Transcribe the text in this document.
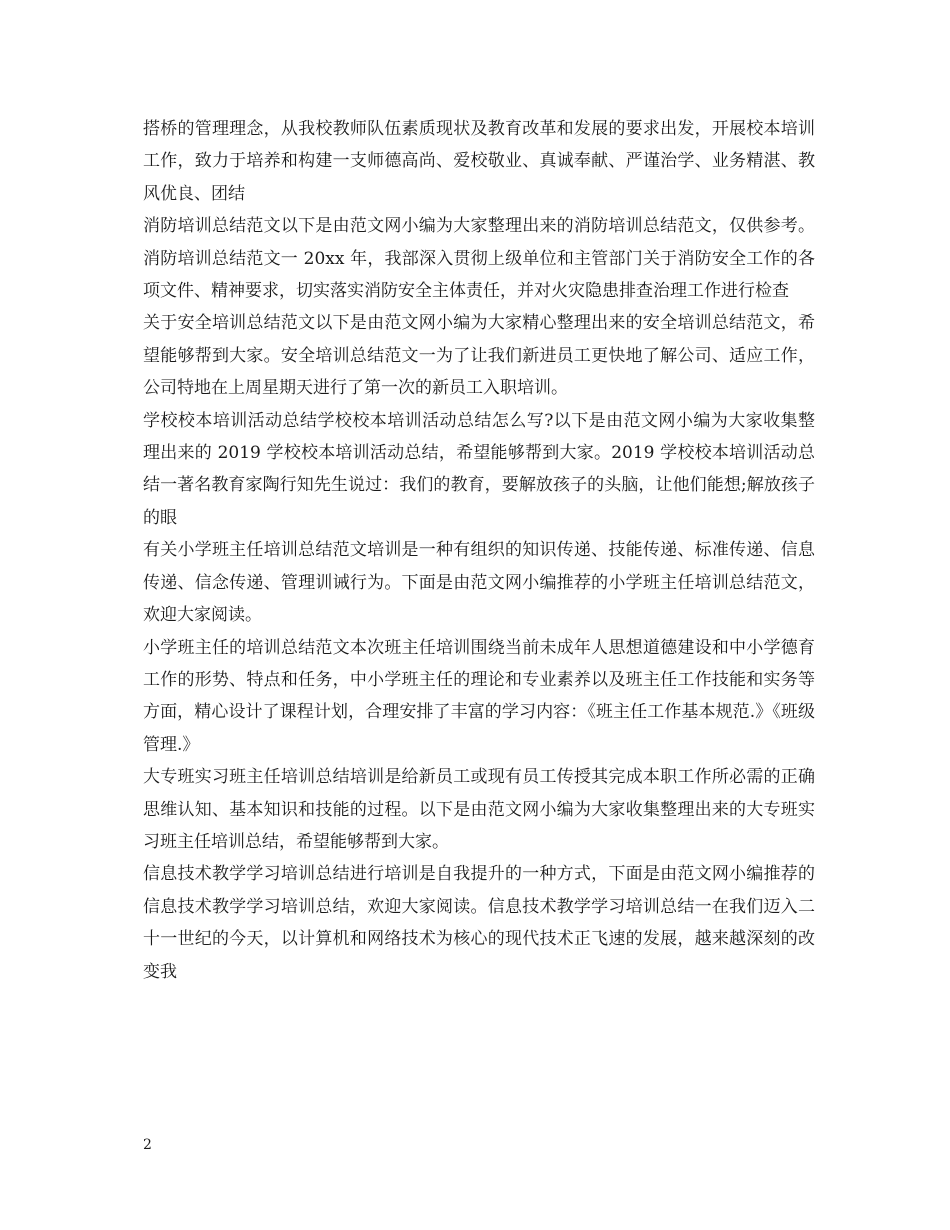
搭桥的管理理念，从我校教师队伍素质现状及教育改革和发展的要求出发，开展校本培训工作，致力于培养和构建一支师德高尚、爱校敬业、真诚奉献、严谨治学、业务精湛、教风优良、团结

消防培训总结范文以下是由范文网小编为大家整理出来的消防培训总结范文，仅供参考。消防培训总结范文一 20xx 年，我部深入贯彻上级单位和主管部门关于消防安全工作的各项文件、精神要求，切实落实消防安全主体责任，并对火灾隐患排查治理工作进行检查

关于安全培训总结范文以下是由范文网小编为大家精心整理出来的安全培训总结范文，希望能够帮到大家。安全培训总结范文一为了让我们新进员工更快地了解公司、适应工作，公司特地在上周星期天进行了第一次的新员工入职培训。

学校校本培训活动总结学校校本培训活动总结怎么写?以下是由范文网小编为大家收集整理出来的 2019 学校校本培训活动总结，希望能够帮到大家。2019 学校校本培训活动总结一著名教育家陶行知先生说过：我们的教育，要解放孩子的头脑，让他们能想;解放孩子的眼

有关小学班主任培训总结范文培训是一种有组织的知识传递、技能传递、标准传递、信息传递、信念传递、管理训诫行为。下面是由范文网小编推荐的小学班主任培训总结范文，欢迎大家阅读。

小学班主任的培训总结范文本次班主任培训围绕当前未成年人思想道德建设和中小学德育工作的形势、特点和任务，中小学班主任的理论和专业素养以及班主任工作技能和实务等方面，精心设计了课程计划，合理安排了丰富的学习内容：《班主任工作基本规范.》《班级管理.》

大专班实习班主任培训总结培训是给新员工或现有员工传授其完成本职工作所必需的正确思维认知、基本知识和技能的过程。以下是由范文网小编为大家收集整理出来的大专班实习班主任培训总结，希望能够帮到大家。

信息技术教学学习培训总结进行培训是自我提升的一种方式，下面是由范文网小编推荐的信息技术教学学习培训总结，欢迎大家阅读。信息技术教学学习培训总结一在我们迈入二十一世纪的今天，以计算机和网络技术为核心的现代技术正飞速的发展，越来越深刻的改变我

2
